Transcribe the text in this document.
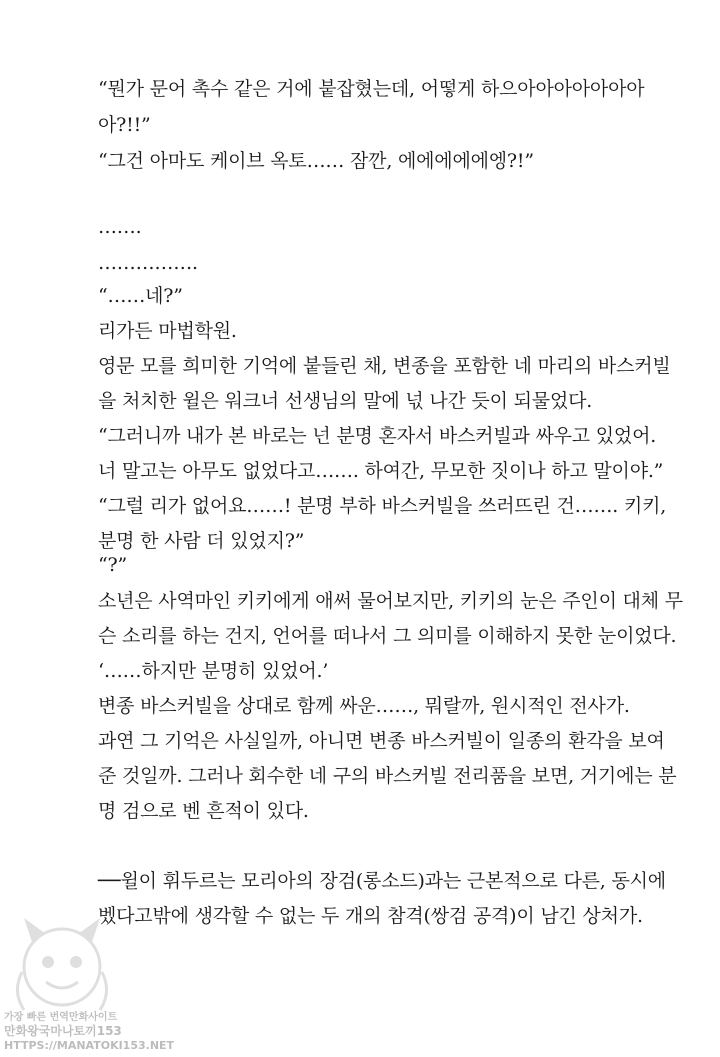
“뭔가 문어 촉수 같은 거에 붙잡혔는데, 어떻게 하으아아아아아아아
아?!!”
“그건 아마도 케이브 옥토…… 잠깐, 에에에에에엥?!”
…….
…………….
“……네?”
리가든 마법학원.
영문 모를 희미한 기억에 붙들린 채, 변종을 포함한 네 마리의 바스커빌
을 처치한 윌은 워크너 선생님의 말에 넋 나간 듯이 되물었다.
“그러니까 내가 본 바로는 넌 분명 혼자서 바스커빌과 싸우고 있었어.
너 말고는 아무도 없었다고……. 하여간, 무모한 짓이나 하고 말이야.”
“그럴 리가 없어요……! 분명 부하 바스커빌을 쓰러뜨린 건……. 키키,
분명 한 사람 더 있었지?”
“?”
소년은 사역마인 키키에게 애써 물어보지만, 키키의 눈은 주인이 대체 무
슨 소리를 하는 건지, 언어를 떠나서 그 의미를 이해하지 못한 눈이었다.
‘……하지만 분명히 있었어.’
변종 바스커빌을 상대로 함께 싸운……, 뭐랄까, 원시적인 전사가.
과연 그 기억은 사실일까, 아니면 변종 바스커빌이 일종의 환각을 보여
준 것일까. 그러나 회수한 네 구의 바스커빌 전리품을 보면, 거기에는 분
명 검으로 벤 흔적이 있다.
──윌이 휘두르는 모리아의 장검(롱소드)과는 근본적으로 다른, 동시에
벴다고밖에 생각할 수 없는 두 개의 참격(쌍검 공격)이 남긴 상처가.
가장 빠른 번역만화사이트
만화왕국마나토끼153
HTTPS://MANATOKI153.NET
